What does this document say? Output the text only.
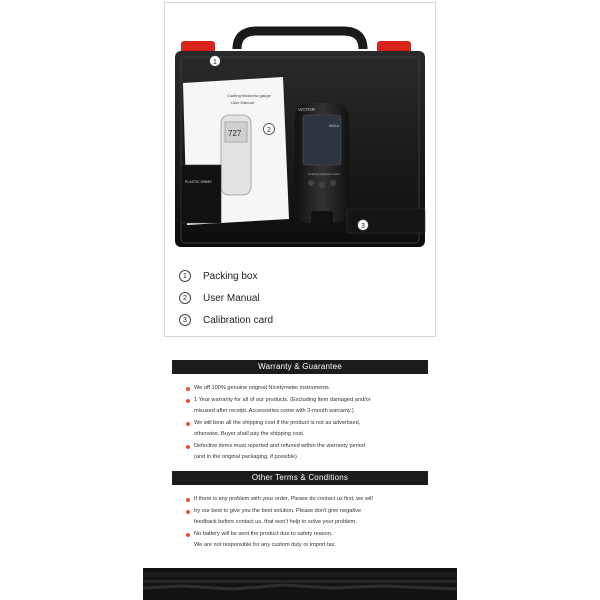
Coating thickness gauge
User Manual
727
PLASTIC SHIMS
VICTOR
6501A
Coating thickness tester
1
2
3
1	Packing box
2	User Manual
3	Calibration card
Warranty & Guarantee
We off 100% genuine original Nicetymeter instruments.
1 Year warranty for all of our products. (Excluding item damaged and/or
misused after receipt. Accessories come with 3-mouth warranty.)
We will bear all the shipping cost if the product is not as advertised,
otherwise, Buyer shall pay the shipping cost.
Defective items must reported and refuned within the warranty period
(and in the original packaging, if possible)
Other Terms & Conditions
If there is any problem with your order, Please do contact us first, we will
try our best to give you the best solution. Please don't give negative
feedback before contact us, that won't help to solve your problem.
No battery will be sent the product due to safety reason.
We are not responsible for any custom duty or import tax.
